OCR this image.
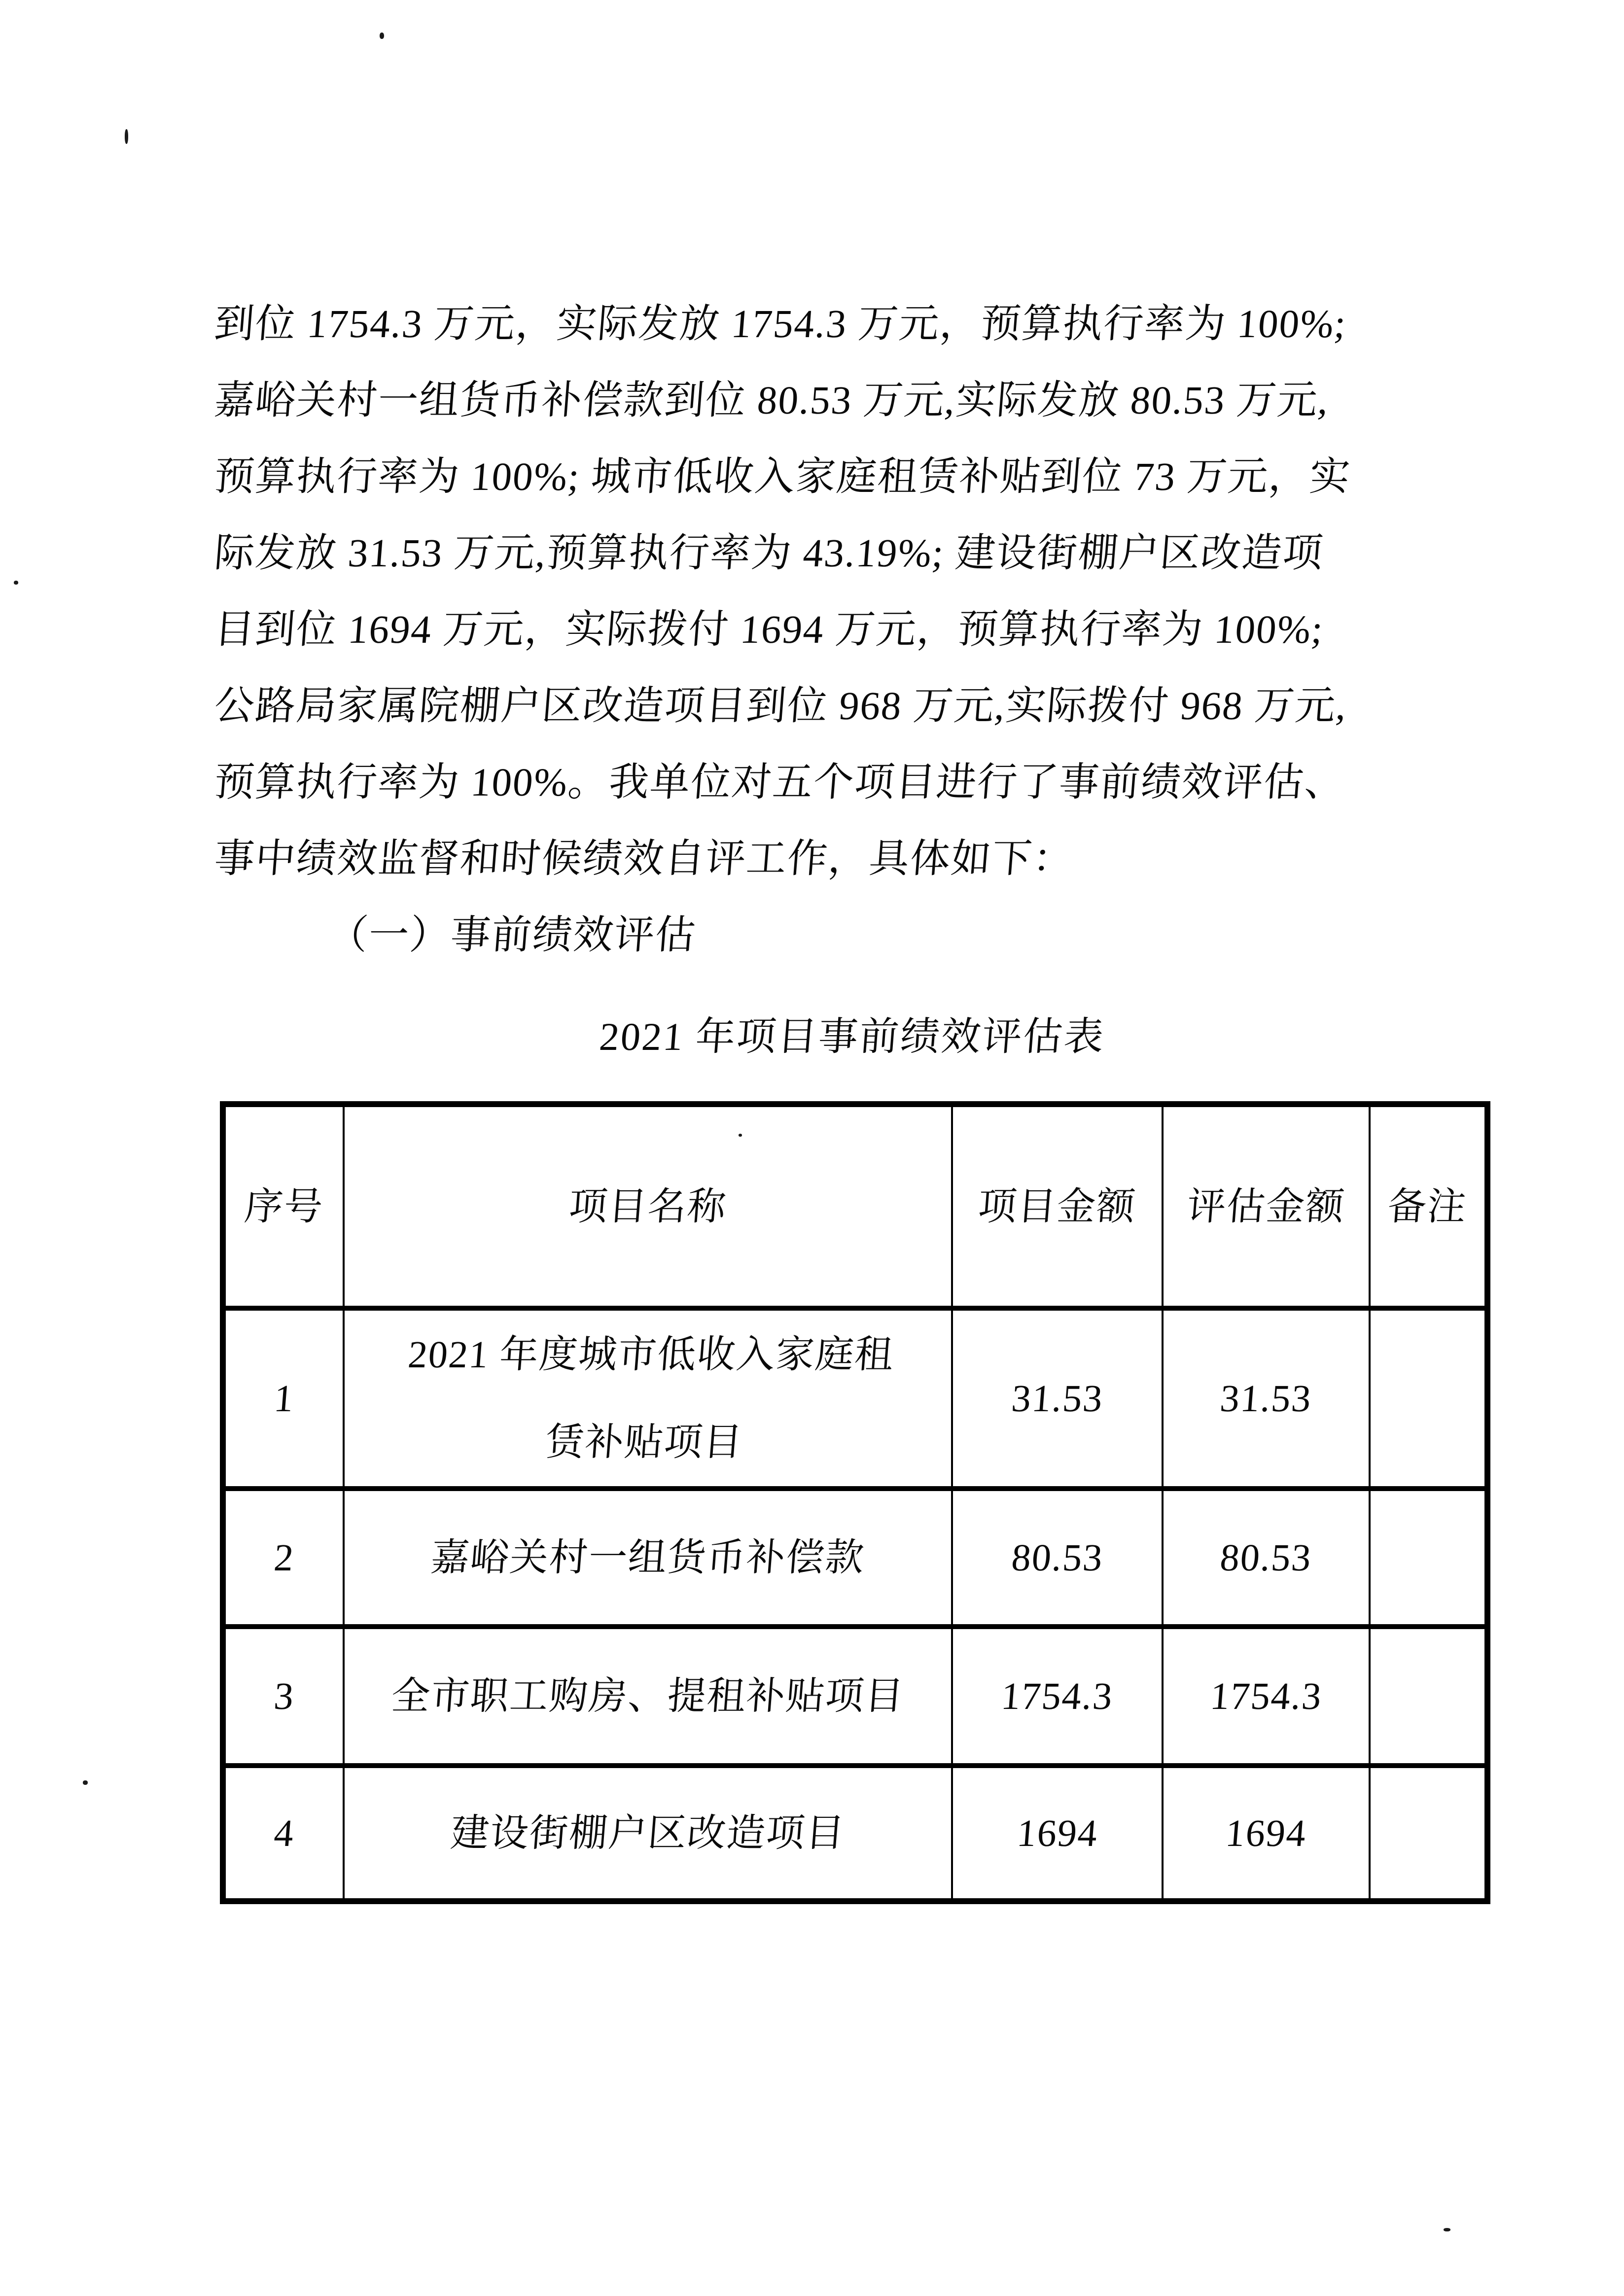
到位 1754.3 万元，实际发放 1754.3 万元，预算执行率为 100%;
嘉峪关村一组货币补偿款到位 80.53 万元,实际发放 80.53 万元,
预算执行率为 100%; 城市低收入家庭租赁补贴到位 73 万元，实
际发放 31.53 万元,预算执行率为 43.19%; 建设街棚户区改造项
目到位 1694 万元，实际拨付 1694 万元，预算执行率为 100%;
公路局家属院棚户区改造项目到位 968 万元,实际拨付 968 万元,
预算执行率为 100%。我单位对五个项目进行了事前绩效评估、
事中绩效监督和时候绩效自评工作，具体如下：
（一）事前绩效评估
2021 年项目事前绩效评估表
序号	项目名称	项目金额	评估金额	备注
1	2021 年度城市低收入家庭租
赁补贴项目	31.53	31.53	
2	嘉峪关村一组货币补偿款	80.53	80.53	
3	全市职工购房、提租补贴项目	1754.3	1754.3	
4	建设街棚户区改造项目	1694	1694	
